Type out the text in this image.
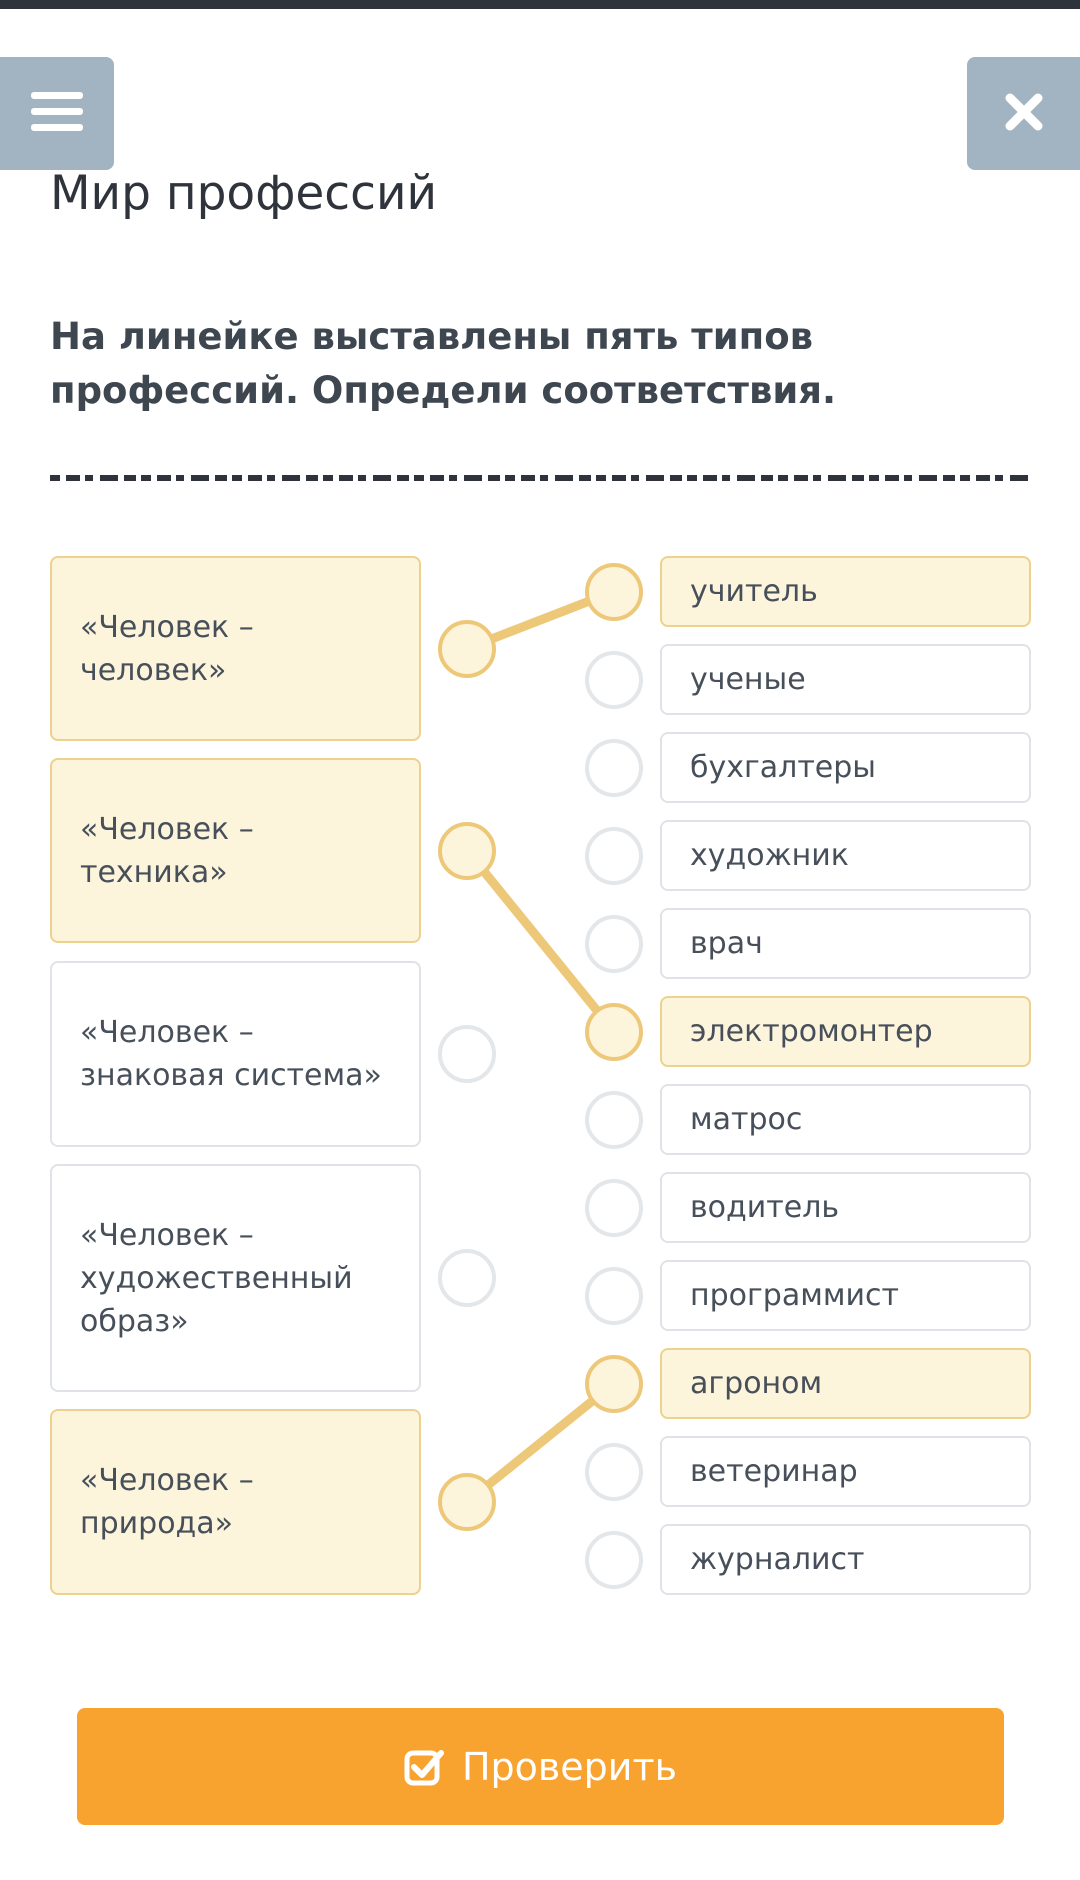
Мир профессий

На линейке выставлены пять типов профессий. Определи соответствия.

«Человек – человек»
«Человек – техника»
«Человек – знаковая система»
«Человек – художественный образ»
«Человек – природа»
учитель
ученые
бухгалтеры
художник
врач
электромонтер
матрос
водитель
программист
агроном
ветеринар
журналист
Проверить
